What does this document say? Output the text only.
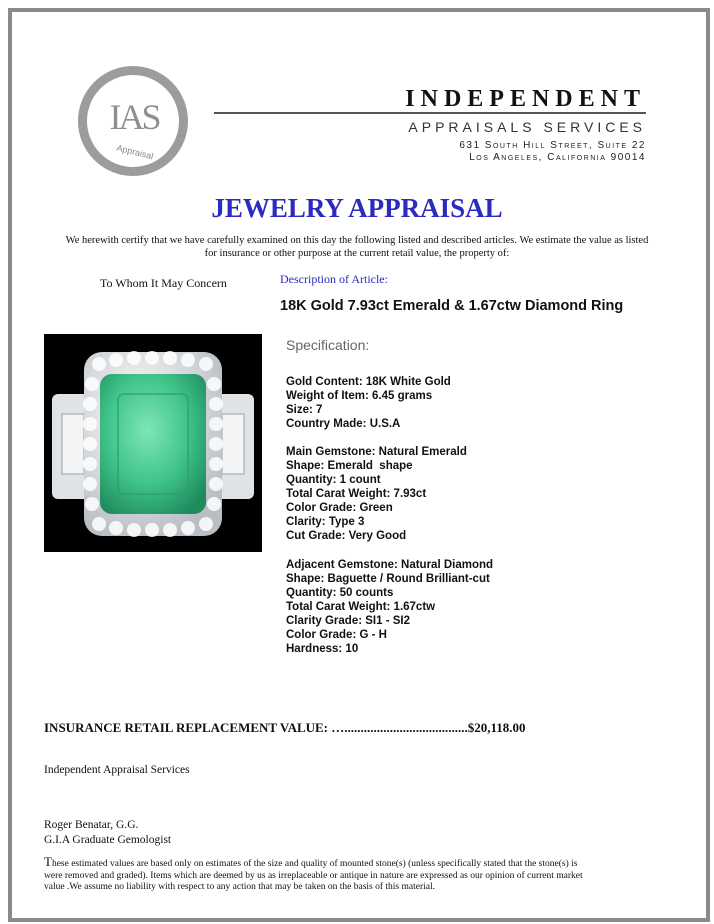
IAS
Appraisal
INDEPENDENT
APPRAISALS SERVICES
631 South Hill Street, Suite 22
Los Angeles, California 90014
JEWELRY APPRAISAL
We herewith certify that we have carefully examined on this day the following listed and described articles. We estimate the value as listed for insurance or other purpose at the current retail value, the property of:
To Whom It May Concern	Description of Article:
18K Gold 7.93ct Emerald & 1.67ctw Diamond Ring
Specification:
Gold Content: 18K White Gold
Weight of Item: 6.45 grams
Size: 7
Country Made: U.S.A
Main Gemstone: Natural Emerald
Shape: Emerald  shape
Quantity: 1 count
Total Carat Weight: 7.93ct
Color Grade: Green
Clarity: Type 3
Cut Grade: Very Good
Adjacent Gemstone: Natural Diamond
Shape: Baguette / Round Brilliant-cut
Quantity: 50 counts
Total Carat Weight: 1.67ctw
Clarity Grade: SI1 - SI2
Color Grade: G - H
Hardness: 10
INSURANCE RETAIL REPLACEMENT VALUE: …......................................$20,118.00
Independent Appraisal Services
Roger Benatar, G.G.
G.I.A Graduate Gemologist
These estimated values are based only on estimates of the size and quality of mounted stone(s) (unless specifically stated that the stone(s) is were removed and graded). Items which are deemed by us as irreplaceable or antique in nature are expressed as our opinion of current market value .We assume no liability with respect to any action that may be taken on the basis of this material.
